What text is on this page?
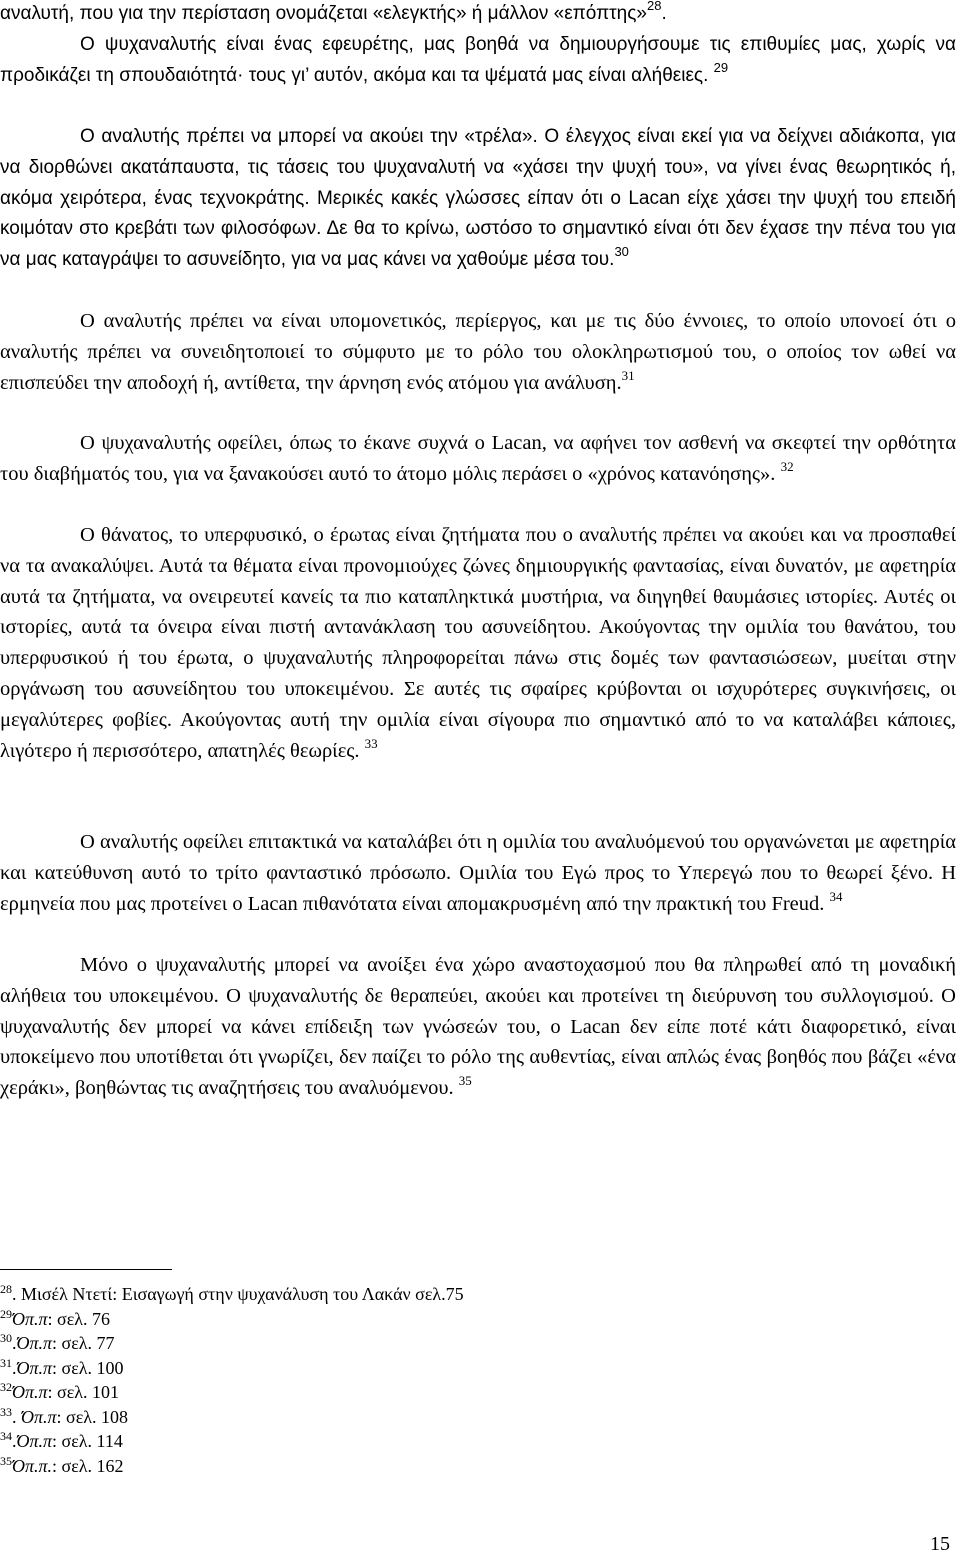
αναλυτή, που για την περίσταση ονομάζεται «ελεγκτής» ή μάλλον «επόπτης»$^{28}$.

Ο ψυχαναλυτής είναι ένας εφευρέτης, μας βοηθά να δημιουργήσουμε τις επιθυμίες μας, χωρίς να προδικάζει τη σπουδαιότητά· τους γι’ αυτόν, ακόμα και τα ψέματά μας είναι αλήθειες. $^{29}$

Ο αναλυτής πρέπει να μπορεί να ακούει την «τρέλα». Ο έλεγχος είναι εκεί για να δείχνει αδιάκοπα, για να διορθώνει ακατάπαυστα, τις τάσεις του ψυχαναλυτή να «χάσει την ψυχή του», να γίνει ένας θεωρητικός ή, ακόμα χειρότερα, ένας τεχνοκράτης. Μερικές κακές γλώσσες είπαν ότι ο Lacan είχε χάσει την ψυχή του επειδή κοιμόταν στο κρεβάτι των φιλοσόφων. Δε θα το κρίνω, ωστόσο το σημαντικό είναι ότι δεν έχασε την πένα του για να μας καταγράψει το ασυνείδητο, για να μας κάνει να χαθούμε μέσα του.$^{30}$

Ο αναλυτής πρέπει να είναι υπομονετικός, περίεργος, και με τις δύο έννοιες, το οποίο υπονοεί ότι ο αναλυτής πρέπει να συνειδητοποιεί το σύμφυτο με το ρόλο του ολοκληρωτισμού του, ο οποίος τον ωθεί να επισπεύδει την αποδοχή ή, αντίθετα, την άρνηση ενός ατόμου για ανάλυση.$^{31}$

Ο ψυχαναλυτής οφείλει, όπως το έκανε συχνά ο Lacan, να αφήνει τον ασθενή να σκεφτεί την ορθότητα του διαβήματός του, για να ξανακούσει αυτό το άτομο μόλις περάσει ο «χρόνος κατανόησης». $^{32}$

Ο θάνατος, το υπερφυσικό, ο έρωτας είναι ζητήματα που ο αναλυτής πρέπει να ακούει και να προσπαθεί να τα ανακαλύψει. Αυτά τα θέματα είναι προνομιούχες ζώνες δημιουργικής φαντασίας, είναι δυνατόν, με αφετηρία αυτά τα ζητήματα, να ονειρευτεί κανείς τα πιο καταπληκτικά μυστήρια, να διηγηθεί θαυμάσιες ιστορίες. Αυτές οι ιστορίες, αυτά τα όνειρα είναι πιστή αντανάκλαση του ασυνείδητου. Ακούγοντας την ομιλία του θανάτου, του υπερφυσικού ή του έρωτα, ο ψυχαναλυτής πληροφορείται πάνω στις δομές των φαντασιώσεων, μυείται στην οργάνωση του ασυνείδητου του υποκειμένου. Σε αυτές τις σφαίρες κρύβονται οι ισχυρότερες συγκινήσεις, οι μεγαλύτερες φοβίες. Ακούγοντας αυτή την ομιλία είναι σίγουρα πιο σημαντικό από το να καταλάβει κάποιες, λιγότερο ή περισσότερο, απατηλές θεωρίες. $^{33}$

Ο αναλυτής οφείλει επιτακτικά να καταλάβει ότι η ομιλία του αναλυόμενού του οργανώνεται με αφετηρία και κατεύθυνση αυτό το τρίτο φανταστικό πρόσωπο. Ομιλία του Εγώ προς το Υπερεγώ που το θεωρεί ξένο. Η ερμηνεία που μας προτείνει ο Lacan πιθανότατα είναι απομακρυσμένη από την πρακτική του Freud. $^{34}$

Μόνο ο ψυχαναλυτής μπορεί να ανοίξει ένα χώρο αναστοχασμού που θα πληρωθεί από τη μοναδική αλήθεια του υποκειμένου. Ο ψυχαναλυτής δε θεραπεύει, ακούει και προτείνει τη διεύρυνση του συλλογισμού. Ο ψυχαναλυτής δεν μπορεί να κάνει επίδειξη των γνώσεών του, ο Lacan δεν είπε ποτέ κάτι διαφορετικό, είναι υποκείμενο που υποτίθεται ότι γνωρίζει, δεν παίζει το ρόλο της αυθεντίας, είναι απλώς ένας βοηθός που βάζει «ένα χεράκι», βοηθώντας τις αναζητήσεις του αναλυόμενου. $^{35}$

$^{28}$. Μισέλ Ντετί: Εισαγωγή στην ψυχανάλυση του Λακάν σελ.75
$^{29}$Όπ.π: σελ. 76
$^{30}$.Όπ.π: σελ. 77
$^{31}$.Όπ.π: σελ. 100
$^{32}$Όπ.π: σελ. 101
$^{33}$. Όπ.π: σελ. 108
$^{34}$.Όπ.π: σελ. 114
$^{35}$Όπ.π.: σελ. 162
15
